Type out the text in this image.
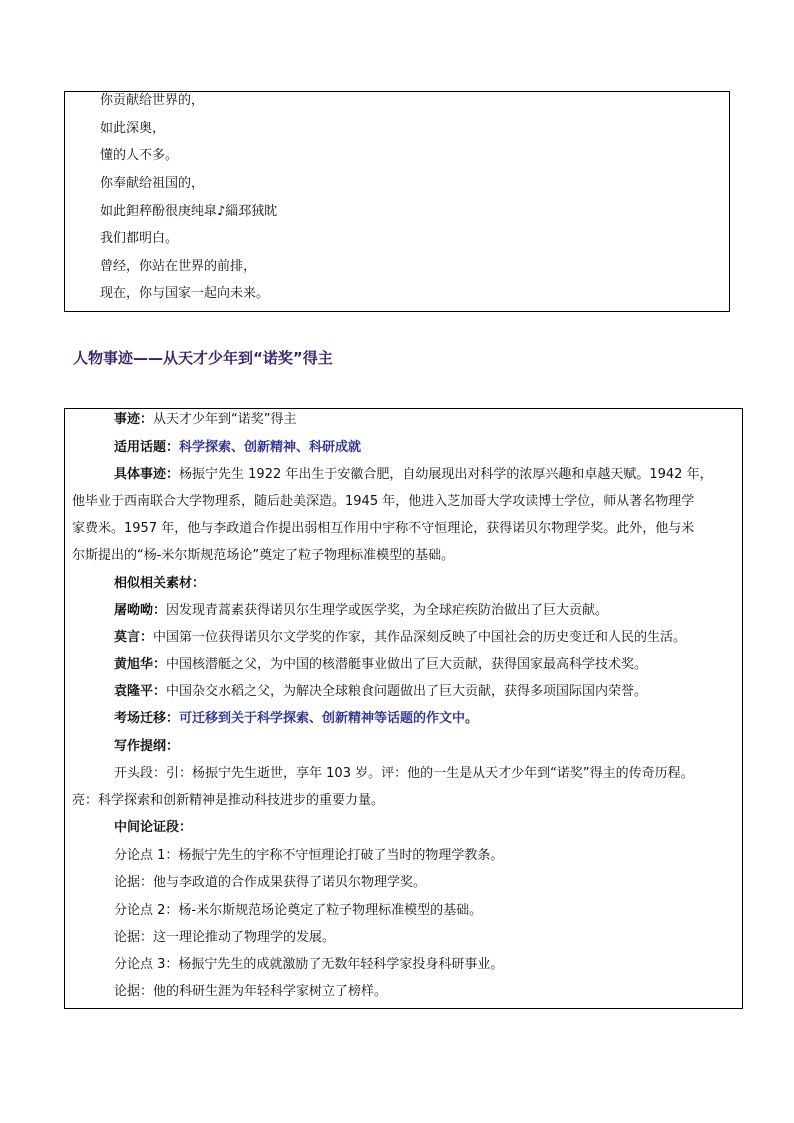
你贡献给世界的，
如此深奥，
懂的人不多。
你奉献给祖国的，
如此鉭稡酚很庚纯皐♪緇邳狨眈
我们都明白。
曾经，你站在世界的前排，
现在，你与国家一起向未来。
人物事迹——从天才少年到“诺奖”得主
事迹：从天才少年到“诺奖”得主
适用话题：科学探索、创新精神、科研成就
具体事迹：杨振宁先生 1922 年出生于安徽合肥，自幼展现出对科学的浓厚兴趣和卓越天赋。1942 年，
他毕业于西南联合大学物理系，随后赴美深造。1945 年，他进入芝加哥大学攻读博士学位，师从著名物理学
家费米。1957 年，他与李政道合作提出弱相互作用中宇称不守恒理论，获得诺贝尔物理学奖。此外，他与米
尔斯提出的“杨-米尔斯规范场论”奠定了粒子物理标准模型的基础。
相似相关素材：
屠呦呦：因发现青蒿素获得诺贝尔生理学或医学奖，为全球疟疾防治做出了巨大贡献。
莫言：中国第一位获得诺贝尔文学奖的作家，其作品深刻反映了中国社会的历史变迁和人民的生活。
黄旭华：中国核潜艇之父，为中国的核潜艇事业做出了巨大贡献，获得国家最高科学技术奖。
袁隆平：中国杂交水稻之父，为解决全球粮食问题做出了巨大贡献，获得多项国际国内荣誉。
考场迁移：可迁移到关于科学探索、创新精神等话题的作文中。
写作提纲：
开头段：引：杨振宁先生逝世，享年 103 岁。评：他的一生是从天才少年到“诺奖”得主的传奇历程。
亮：科学探索和创新精神是推动科技进步的重要力量。
中间论证段：
分论点 1：杨振宁先生的宇称不守恒理论打破了当时的物理学教条。
论据：他与李政道的合作成果获得了诺贝尔物理学奖。
分论点 2：杨-米尔斯规范场论奠定了粒子物理标准模型的基础。
论据：这一理论推动了物理学的发展。
分论点 3：杨振宁先生的成就激励了无数年轻科学家投身科研事业。
论据：他的科研生涯为年轻科学家树立了榜样。
